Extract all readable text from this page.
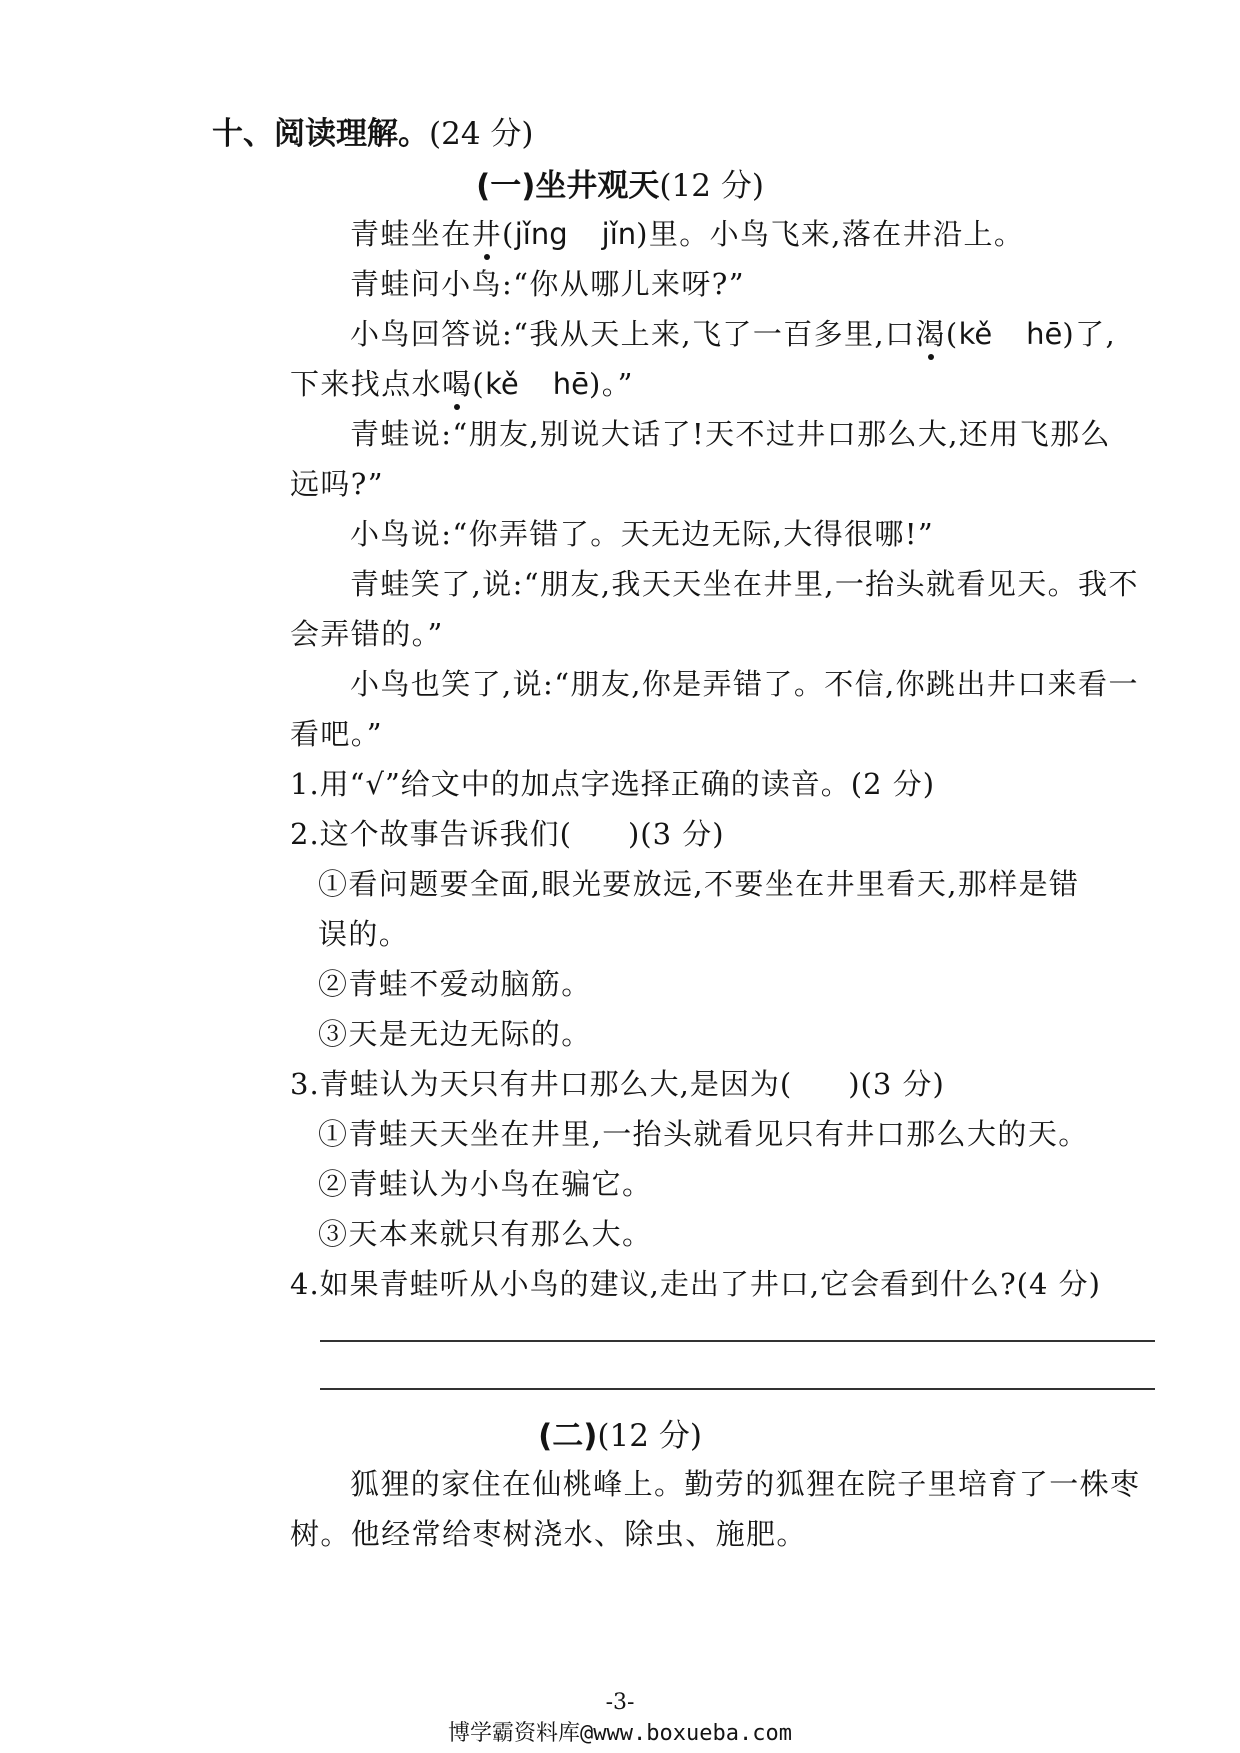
十、阅读理解。(24 分)
(一)坐井观天(12 分)
青蛙坐在井(jǐng jǐn)里。小鸟飞来,落在井沿上。
青蛙问小鸟:“你从哪儿来呀?”
小鸟回答说:“我从天上来,飞了一百多里,口渴(kě hē)了,
下来找点水喝(kě hē)。”
青蛙说:“朋友,别说大话了!天不过井口那么大,还用飞那么
远吗?”
小鸟说:“你弄错了。天无边无际,大得很哪!”
青蛙笑了,说:“朋友,我天天坐在井里,一抬头就看见天。我不
会弄错的。”
小鸟也笑了,说:“朋友,你是弄错了。不信,你跳出井口来看一
看吧。”
1.用“√”给文中的加点字选择正确的读音。(2 分)
2.这个故事告诉我们( )(3 分)
①看问题要全面,眼光要放远,不要坐在井里看天,那样是错
误的。
②青蛙不爱动脑筋。
③天是无边无际的。
3.青蛙认为天只有井口那么大,是因为( )(3 分)
①青蛙天天坐在井里,一抬头就看见只有井口那么大的天。
②青蛙认为小鸟在骗它。
③天本来就只有那么大。
4.如果青蛙听从小鸟的建议,走出了井口,它会看到什么?(4 分)
(二)(12 分)
狐狸的家住在仙桃峰上。勤劳的狐狸在院子里培育了一株枣
树。他经常给枣树浇水、除虫、施肥。
-3-
博学霸资料库@www.boxueba.com
